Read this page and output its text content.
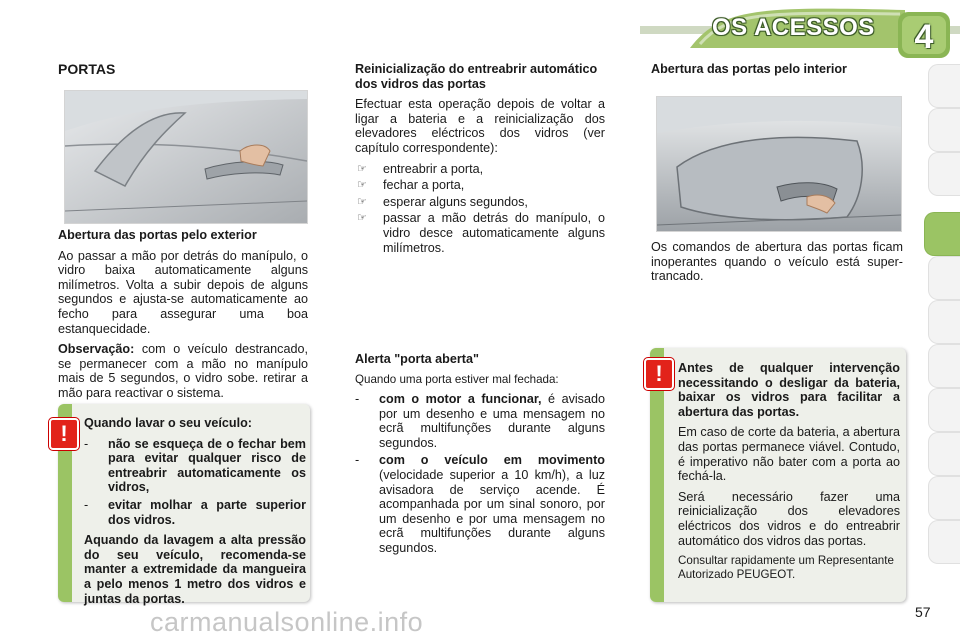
OS ACESSOS	4
PORTAS
Abertura das portas pelo exterior

Ao passar a mão por detrás do manípulo, o vidro baixa automaticamente alguns milímetros. Volta a subir depois de alguns segundos e ajusta-se automaticamente ao fecho para assegurar uma boa estanquecidade.

Observação: com o veículo destrancado, se permanecer com a mão no manípulo mais de 5 segundos, o vidro sobe. retirar a mão para reactivar o sistema.

!	Quando lavar o seu veículo:
-	não se esqueça de o fechar bem para evitar qualquer risco de entreabrir automaticamente os vidros,
-	evitar molhar a parte superior dos vidros.

Aquando da lavagem a alta pressão do seu veículo, recomenda-se manter a extremidade da mangueira a pelo menos 1 metro dos vidros e juntas da portas.

Reinicialização do entreabrir automático dos vidros das portas

Efectuar esta operação depois de voltar a ligar a bateria e a reinicialização dos elevadores eléctricos dos vidros (ver capítulo correspondente):

☞	entreabrir a porta,
☞	fechar a porta,
☞	esperar alguns segundos,
☞	passar a mão detrás do manípulo, o vidro desce automaticamente alguns milímetros.
Alerta "porta aberta"

Quando uma porta estiver mal fechada:

-	com o motor a funcionar, é avisado por um desenho e uma mensagem no ecrã multifunções durante alguns segundos.
-	com o veículo em movimento (velocidade superior a 10 km/h), a luz avisadora de serviço acende. É acompanhada por um sinal sonoro, por um desenho e por uma mensagem no ecrã multifunções durante alguns segundos.
Abertura das portas pelo interior

Os comandos de abertura das portas ficam inoperantes quando o veículo está super-trancado.

!	Antes de qualquer intervenção necessitando o desligar da bateria, baixar os vidros para facilitar a abertura das portas.

Em caso de corte da bateria, a abertura das portas permanece viável. Contudo, é imperativo não bater com a porta ao fechá-la.

Será necessário fazer uma reinicialização dos elevadores eléctricos dos vidros e do entreabrir automático dos vidros das portas.

Consultar rapidamente um Representante Autorizado PEUGEOT.

57
carmanualsonline.info
